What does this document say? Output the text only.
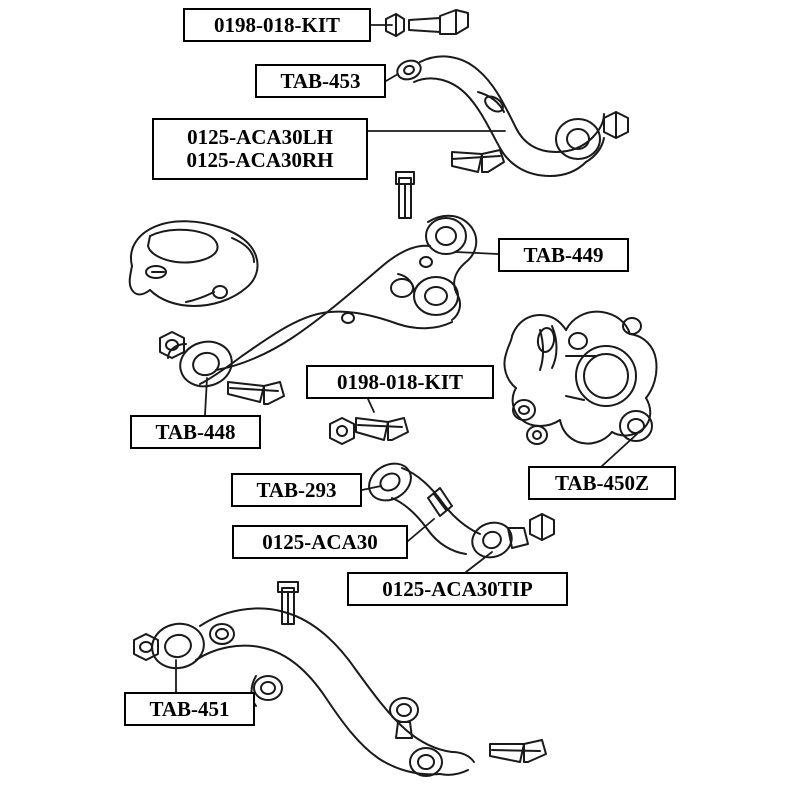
0198-018-KIT
TAB-453
0125-ACA30LH
0125-ACA30RH
TAB-449
TAB-448
0198-018-KIT
TAB-450Z
TAB-293
0125-ACA30
0125-ACA30TIP
TAB-451
